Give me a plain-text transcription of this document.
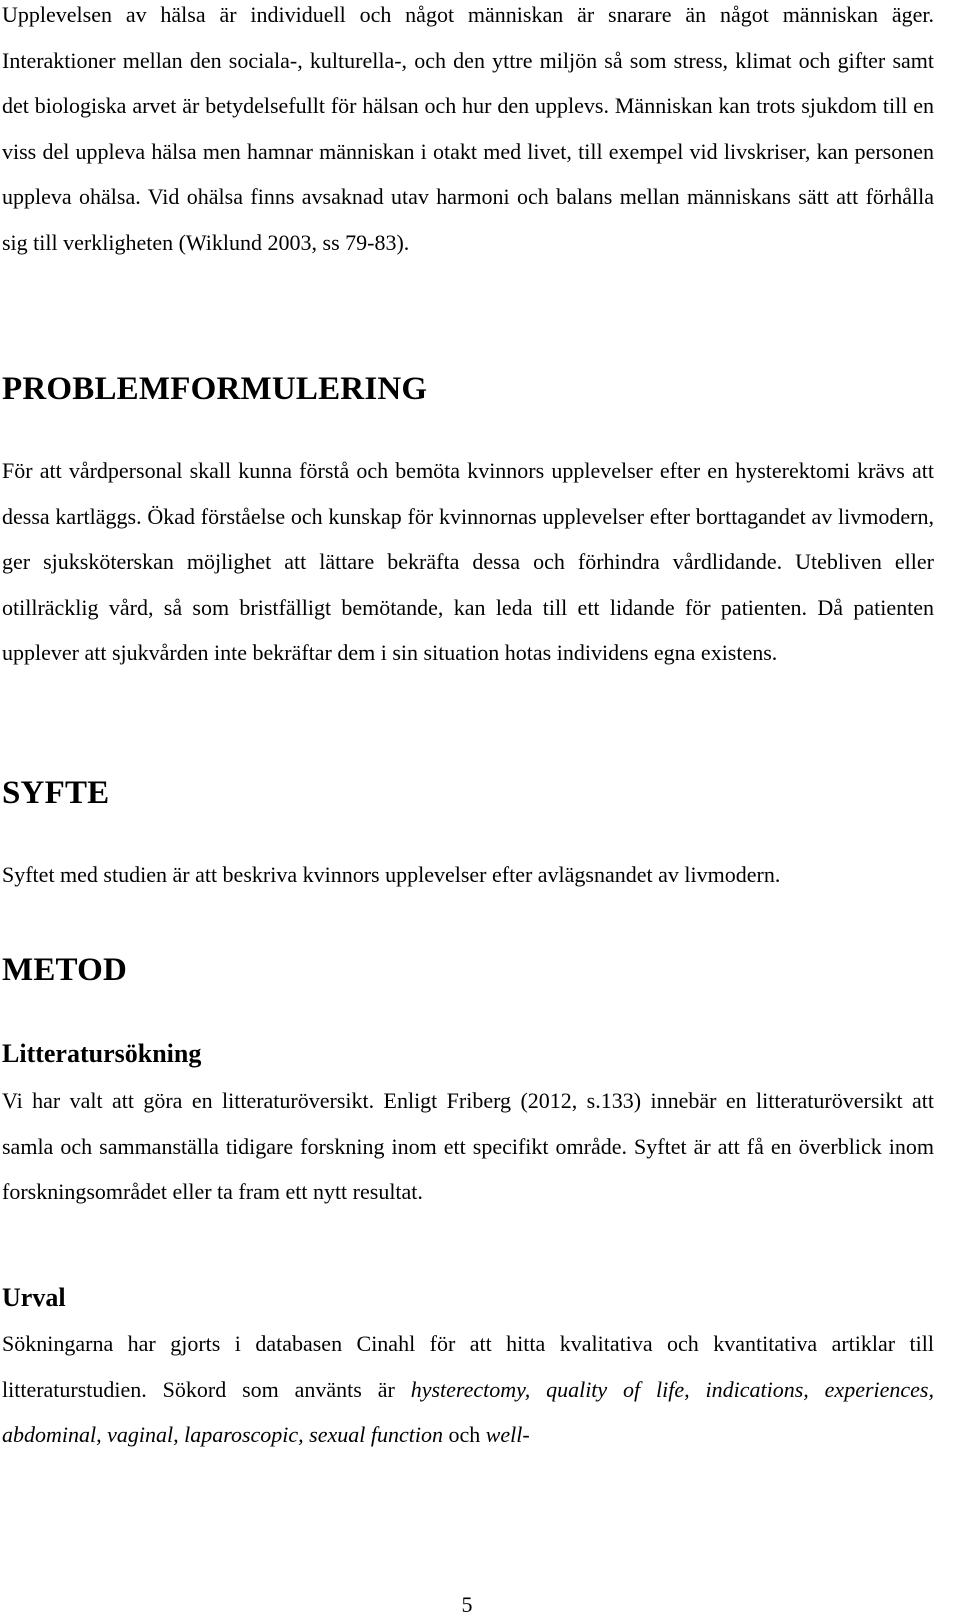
Upplevelsen av hälsa är individuell och något människan är snarare än något människan äger. Interaktioner mellan den sociala-, kulturella-, och den yttre miljön så som stress, klimat och gifter samt det biologiska arvet är betydelsefullt för hälsan och hur den upplevs. Människan kan trots sjukdom till en viss del uppleva hälsa men hamnar människan i otakt med livet, till exempel vid livskriser, kan personen uppleva ohälsa. Vid ohälsa finns avsaknad utav harmoni och balans mellan människans sätt att förhålla sig till verkligheten (Wiklund 2003, ss 79-83).

PROBLEMFORMULERING

För att vårdpersonal skall kunna förstå och bemöta kvinnors upplevelser efter en hysterektomi krävs att dessa kartläggs. Ökad förståelse och kunskap för kvinnornas upplevelser efter borttagandet av livmodern, ger sjuksköterskan möjlighet att lättare bekräfta dessa och förhindra vårdlidande. Utebliven eller otillräcklig vård, så som bristfälligt bemötande, kan leda till ett lidande för patienten. Då patienten upplever att sjukvården inte bekräftar dem i sin situation hotas individens egna existens.

SYFTE

Syftet med studien är att beskriva kvinnors upplevelser efter avlägsnandet av livmodern.

METOD
Litteratursökning

Vi har valt att göra en litteraturöversikt. Enligt Friberg (2012, s.133) innebär en litteraturöversikt att samla och sammanställa tidigare forskning inom ett specifikt område. Syftet är att få en överblick inom forskningsområdet eller ta fram ett nytt resultat.

Urval

Sökningarna har gjorts i databasen Cinahl för att hitta kvalitativa och kvantitativa artiklar till litteraturstudien. Sökord som använts är hysterectomy, quality of life, indications, experiences, abdominal, vaginal, laparoscopic, sexual function och well-

5
